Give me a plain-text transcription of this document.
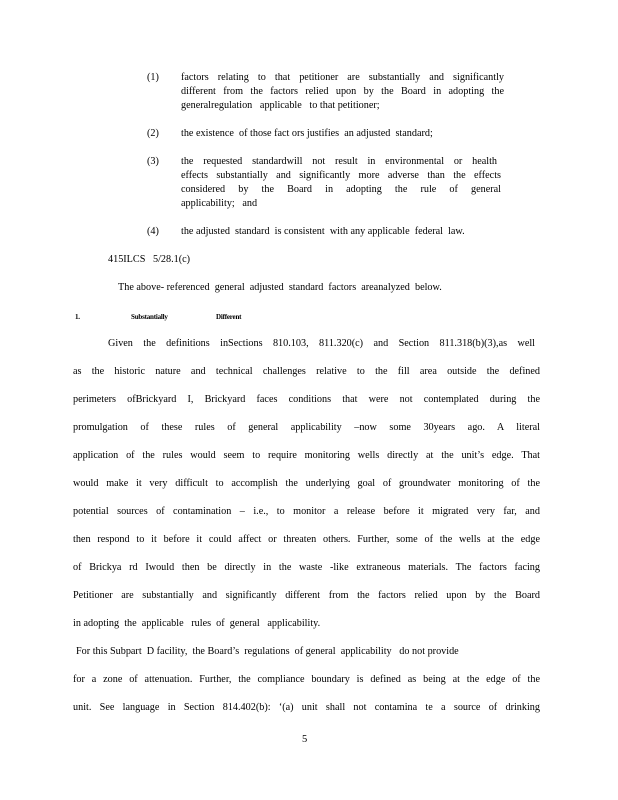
(1) factors relating to that petitioner are substantially and significantly
different from the factors relied upon by the Board in adopting the
generalregulation   applicable   to that petitioner;
(2) the existence  of those fact ors justifies  an adjusted  standard;
(3) the requested standardwill not result in environmental or health
effects substantially and significantly more adverse than the effects
considered by the Board in adopting the rule of general
applicability;   and
(4) the adjusted  standard  is consistent  with any applicable  federal  law.
415ILCS   5/28.1(c)
The above- referenced  general  adjusted  standard  factors  areanalyzed  below.
1.	Substantially	Different
Given the definitions inSections 810.103, 811.320(c) and Section 811.318(b)(3),as well
as the historic nature and technical challenges relative to the fill area outside the defined
perimeters ofBrickyard I, Brickyard faces conditions that were not contemplated during the
promulgation of these rules of general applicability –now some 30years ago. A literal
application of the rules would seem to require monitoring wells directly at the unit’s edge. That
would make it very difficult to accomplish the underlying goal of groundwater monitoring of the
potential sources of contamination – i.e., to monitor a release before it migrated very far, and
then respond to it before it could affect or threaten others. Further, some of the wells at the edge
of Brickya rd Iwould then be directly in the waste -like extraneous materials. The factors facing
Petitioner are substantially and significantly different from the factors relied upon by the Board
in adopting  the  applicable   rules  of  general   applicability.
For this Subpart  D facility,  the Board’s  regulations  of general  applicability   do not provide
for a zone of attenuation. Further, the compliance boundary is defined as being at the edge of the
unit. See language in Section 814.402(b): ‘(a) unit shall not contamina te a source of drinking
5
